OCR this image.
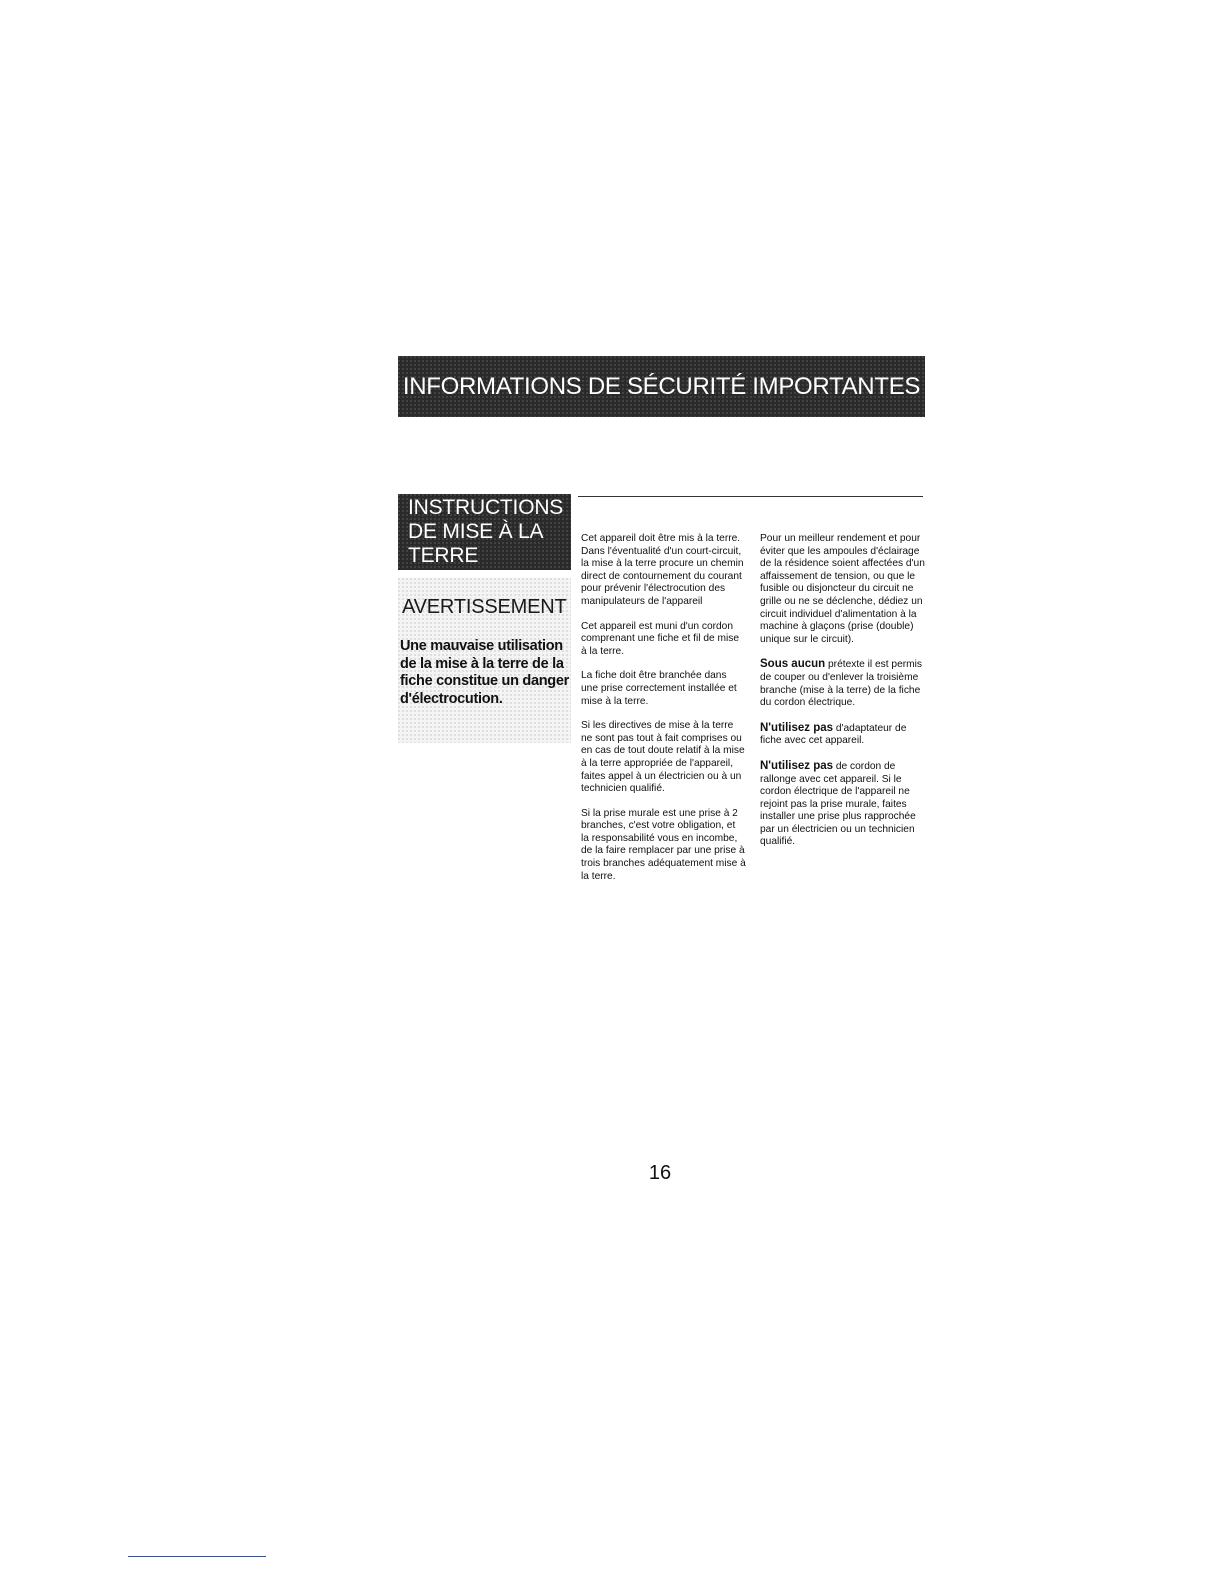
INFORMATIONS DE SÉCURITÉ IMPORTANTES
INSTRUCTIONS
DE MISE À LA
TERRE
AVERTISSEMENT
Une mauvaise utilisation de la mise à la terre de la fiche constitue un danger d'électrocution.

Cet appareil doit être mis à la terre. Dans l'éventualité d'un court-circuit, la mise à la terre procure un chemin direct de contournement du courant pour prévenir l'électrocution des manipulateurs de l'appareil

Cet appareil est muni d'un cordon comprenant une fiche et fil de mise à la terre.

La fiche doit être branchée dans une prise correctement installée et mise à la terre.

Si les directives de mise à la terre ne sont pas tout à fait comprises ou en cas de tout doute relatif à la mise à la terre appropriée de l'appareil, faites appel à un électricien ou à un technicien qualifié.

Si la prise murale est une prise à 2 branches, c'est votre obligation, et la responsabilité vous en incombe, de la faire remplacer par une prise à trois branches adéquatement mise à la terre.

Pour un meilleur rendement et pour éviter que les ampoules d'éclairage de la résidence soient affectées d'un affaissement de tension, ou que le fusible ou disjoncteur du circuit ne grille ou ne se déclenche, dédiez un circuit individuel d'alimentation à la machine à glaçons (prise (double) unique sur le circuit).

Sous aucun prétexte il est permis de couper ou d'enlever la troisième branche (mise à la terre) de la fiche du cordon électrique.

N'utilisez pas d'adaptateur de fiche avec cet appareil.

N'utilisez pas de cordon de rallonge avec cet appareil. Si le cordon électrique de l'appareil ne rejoint pas la prise murale, faites installer une prise plus rapprochée par un électricien ou un technicien qualifié.

16
